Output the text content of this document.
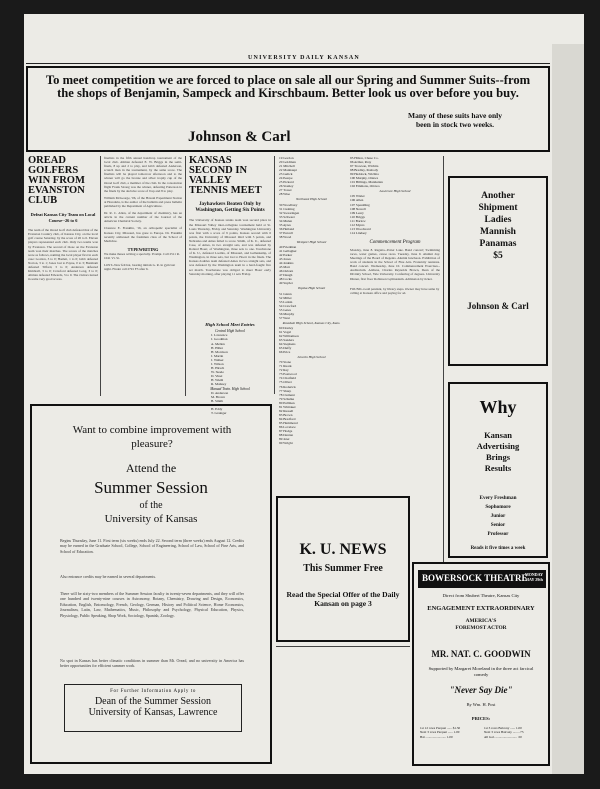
UNIVERSITY DAILY KANSAN
To meet competition we are forced to place on sale all our Spring and Summer Suits--from the shops of Benjamin, Sampeck and Kirschbaum. Better look us over before you buy.
Johnson & Carl
Many of these suits have only been in stock two weeks.
OREAD GOLFERS WIN FROM EVANSTON CLUB
Defeat Kansas City Team on Local Course--26 to 6
The team of the Oread Golf club defeated that of the Evanston Country club, of Kansas City, on the local golf course Saturday, by the score of 26 to 6. Eleven players represented each club. Only two teams won by Evanston. The second of those on the Evanston team won their matches. The scores of the matches were as follows, naming the local player first in each case: Gordon, 3 to 0; Hazlett, 1 to 0; Gibb defeated Norton, 3 to 1; Jones lost to Payne, 0 to 3; Burnham defeated Tilford, 3 to 0; Anderson defeated Kimbrell, 3 to 0; Crawford defeated Long, 3 to 0; Altman defeated Edwards, 3 to 0. The visitors turned in some very good scores.
finalists in the fifth annual handicap tournament of the local club. Altman defeated E. W. Briggs in the semi-finals, 8 up and 2 to play, and Gibb defeated Anderson, scratch man in the tournament, by the same score. The finalists will be played tomorrow afternoon and to the winner will go the bronze and silver trophy cup of the Oread Golf club, a member of the club. In the consolation flight Frank Strong was the winner, defeating Patterson in the finals by the decisive score of 9 up and 8 to play.
William McGeorge, '06, of the Hawaii Experiment Station at Honolulu, is the author of the bulletin and press bulletin published by the Department of Agriculture.
Dr. R. C. Allen, of the department of chemistry, has an article in the current number of the Journal of the American Chemical Society.
Clarence E. Franklin, '16, an orthopedic specialist of Kansas City, Missouri, has gone to Europe. Dr. Franklin recently addressed the freshmen class of the School of Medicine.
TYPEWRITING
We make theses writing a specialty. Prompt. Call 2511 R. 1041 Vt. St.
LOST--New felt hat, bearing initials G. R. in gym last night. Finder call 2791 F3 after 6.
KANSAS SECOND IN VALLEY TENNIS MEET
Jayhawkers Beaten Only by Washington, Getting Six Points
The University of Kansas tennis team won second place in the Missouri Valley inter-collegiate tournament held at St. Louis Thursday, Friday and Saturday. Washington University was first with a score of 9 points, Kansas second with 6 points, the University of Missouri third with 5 points, and Nebraska and Ames failed to score. Smith, of K. U., defeated Case, of Ames, in two straight sets, and was defeated by Roland Hoerr, of Washington, three sets to one. Touchstone of K. U., defeated Loomis, of Missouri, and Gallenkamp, of Washington, in three sets, but lost to Hoerr in the finals. The Kansas doubles team defeated Ames in two straight sets, and was defeated by the Washington team in a hard-fought five set match. Touchstone was obliged to meet Hoerr early Saturday morning, after playing 11 sets Friday.
High School Meet Entries
Central High School
J. Lawrence
J. Goodman
A. Mellen
H. Hiller
H. Morrison
J. Martin
J. Walker
J. Wilson
H. Hirsch
W. Steele
D. Vinet
H. Wiehl
R. Mohney
Manual Train. High School
D. Anderson
M. Brown
B. Smith
D. Case
H. Eddy
T. Grainger
19 Gordon
20 Goldman
21 Mitchell
22 Manhaupt
23 Gulick
24 Peerpe
25 Pickard
26 Stanley
27 Tower
28 Wise
Northeast High School
30 Woodbury
31 Cushing
32 Swearingen
33 Schwarz
34 Mulen
35 Ayres
36 Heiland
37 Purcell
38 Wood
Westport High School
40 Friedman
41 Gallagher
42 Parker
43 Jones
44 Jenkins
45 Marr
46 Osborn
47 Daugh
48 Cocks
49 Snyder
Topeka High School
51 Glenn
52 Miller
53 Larkin
54 Crawford
55 Gates
56 Murphy
57 West
Rosedale High School, Kansas City, Kans.
60 Donley
61 Vogel
62 Williamson
63 Sanders
64 Stephens
65 Duffy
66 Price
Lincoln High School
70 Stone
71 Ruark
72 Ray
73 Eastwood
74 Chatfield
75 Olivet
76 Roderick
77 Sharp
78 Clement
79 Schulke
80 Pullman
81 Whitaker
82 Russell
83 Brown
84 Bradford
85 Hammond
86 Lovelace
87 Hodge
88 Dentan
89 Jeter
90 Wright
95 Hilton, Chase Co.
96 Arthur, Peay
97 Trowson, Wichita
98 Bradley, Peabody
99 Haddock, Wichita
100 Murphy, Ottawa
101 Billings, Manhattan
102 Emmons, Ottawa
Lawrence High School
105 Wisler
106 Allen
107 Spaulding
108 Newell
109 Leary
110 Briggs
111 Barlow
112 Myers
113 Woodward
114 Lindsey
Commencement Program
Monday, June 8. Regatta--Potter Lake. Band concert; Swimming races, water games, canoe races. Tuesday, June 9. Alumni day. Meetings of the Board of Regents. Alumni luncheon. Exhibition of work of students in the School of Fine Arts. Fraternity reunions. Band concert. Wednesday, June 10. Commencement Exercises--Auditorium. Address, Charles Reynolds Brown, Dean of the Divinity School, Yale University. Conferring of degrees. University Dinner, first floor Robinson Gymnasium. Admission by ticket.
FOUND--Gold pendant, by library steps. Owner may have same by calling at Kansan office and paying for ad.
Another
Shipment
Ladies
Mannish
Panamas
$5
Johnson & Carl
Why
Kansan
Advertising
Brings
Results
Every Freshman
Sophomore
Junior
Senior
Professor
Reads it five times a week
Want to combine improvement with pleasure?
Attend the
Summer Session
of the
University of Kansas
Begins Thursday, June 11. First term (six weeks) ends July 22. Second term (three weeks) ends August 12. Credits may be earned in the Graduate School, College, School of Engineering, School of Law, School of Fine Arts, and School of Education.
Also entrance credits may be earned in several departments.
There will be sixty-two members of the Summer Session faculty in twenty-seven departments, and they will offer one hundred and twenty-nine courses in Astronomy, Botany, Chemistry, Drawing and Design, Economics, Education, English, Entomology, French, Geology, German, History and Political Science, Home Economics, Journalism, Latin, Law, Mathematics, Music, Philosophy and Psychology, Physical Education, Physics, Physiology, Public Speaking, Shop Work, Sociology, Spanish, Zoology.
No spot in Kansas has better climatic conditions in summer than Mt. Oread, and no university in America has better opportunities for efficient summer work.
For Further Information Apply to
Dean of the Summer Session
University of Kansas, Lawrence
K. U. NEWS
This Summer Free
Read the Special Offer of the Daily Kansan on page 3
BOWERSOCK THEATRE
MONDAY MAY 29th
Direct from Shubert Theatre, Kansas City
ENGAGEMENT EXTRAORDINARY
AMERICA'S FOREMOST ACTOR
MR. NAT. C. GOODWIN
Supported by Margaret Moreland in the three act farcical comedy
"Never Say Die"
By Wm. H. Post
PRICES:
1st 12 rows Parquet ...... $1.50
Next 3 rows Parquet ...... 1.00
Bal. ........................ 1.00
1st 3 rows Balcony ...... 1.00
Next 3 rows Balcony ....... .75
All Gal. .......................... .50
